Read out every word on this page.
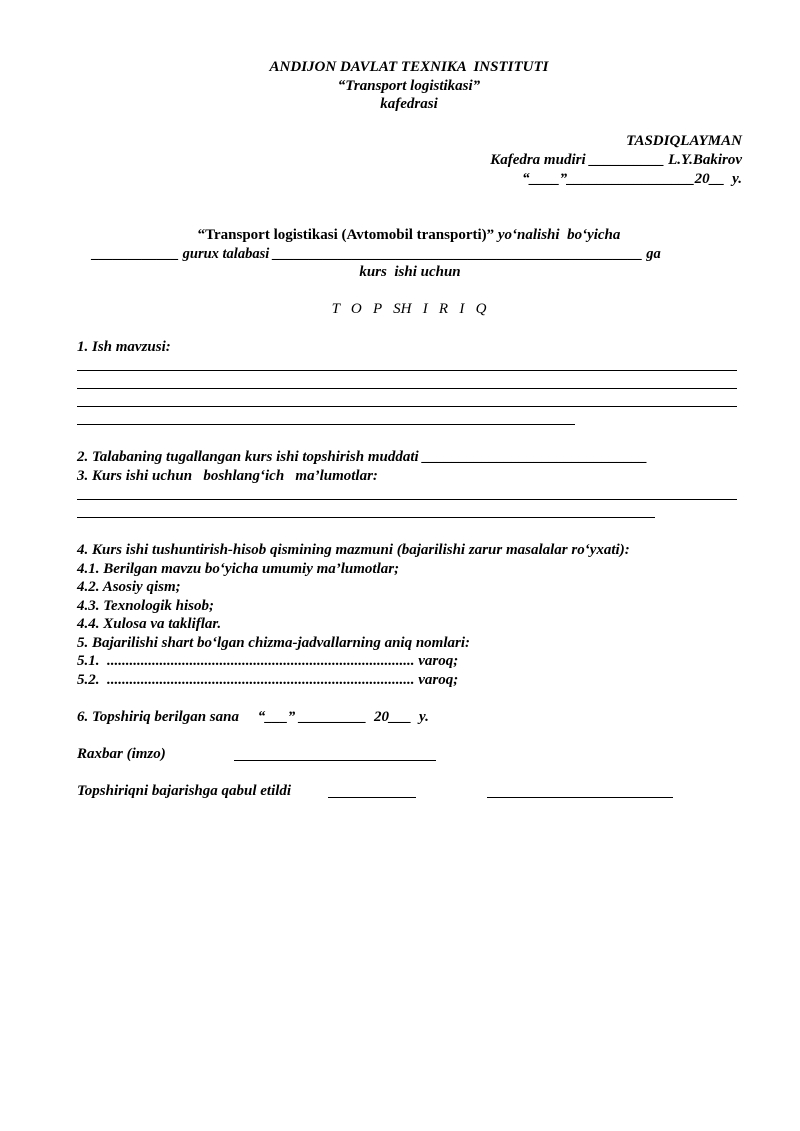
ANDIJON DAVLAT TEXNIKA  INSTITUTI
“Transport logistikasi”
kafedrasi
TASDIQLAYMAN
Kafedra mudiri __________ L.Y.Bakirov
“____”_________________20__  y.
“Transport logistikasi (Avtomobil transporti)” yo‘nalishi  bo‘yicha
____________ gurux talabasi ___________________________________________________ ga
kurs  ishi uchun
T   O   P   SH   I   R   I   Q
1. Ish mavzusi:
2. Talabaning tugallangan kurs ishi topshirish muddati ______________________________
3. Kurs ishi uchun   boshlang‘ich   ma’lumotlar:
4. Kurs ishi tushuntirish-hisob qismining mazmuni (bajarilishi zarur masalalar ro‘yxati):
4.1. Berilgan mavzu bo‘yicha umumiy ma’lumotlar;
4.2. Asosiy qism;
4.3. Texnologik hisob;
4.4. Xulosa va takliflar.
5. Bajarilishi shart bo‘lgan chizma-jadvallarning aniq nomlari:
5.1.  .................................................................................. varoq;
5.2.  .................................................................................. varoq;
6. Topshiriq berilgan sana     “___” _________  20___  y.
Raxbar (imzo)
Topshiriqni bajarishga qabul etildi
